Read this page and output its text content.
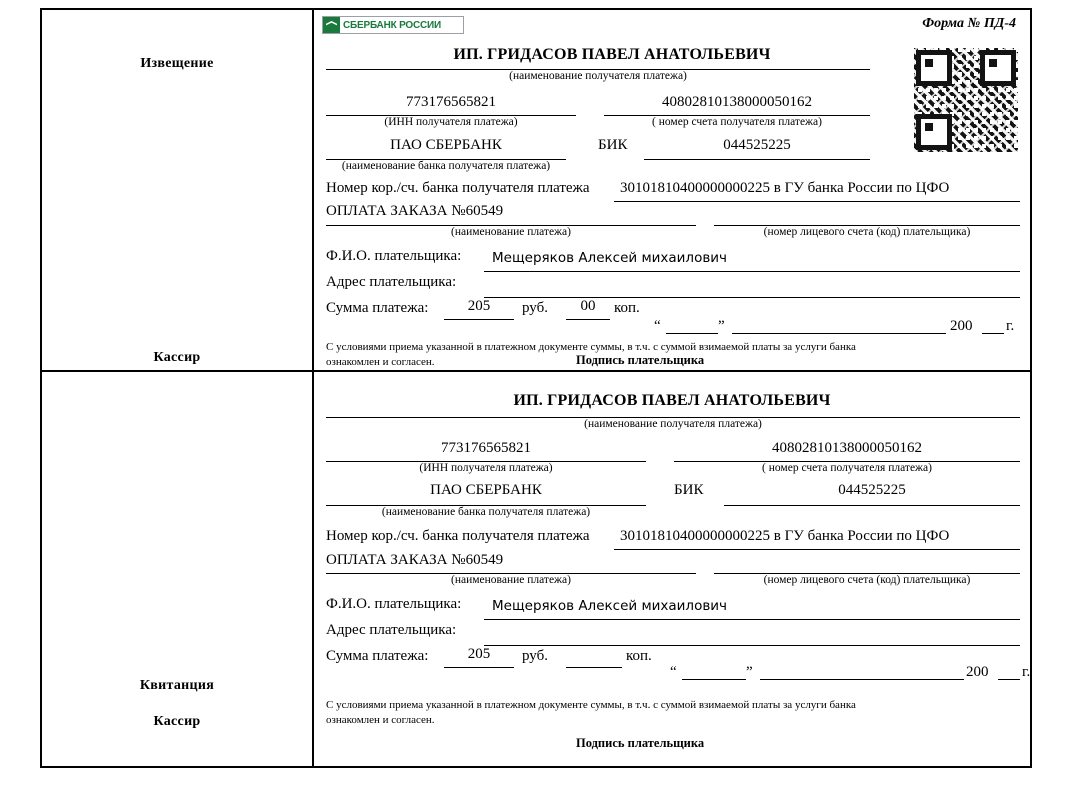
Извещение
Кассир
СБЕРБАНК РОССИИ	Форма № ПД-4
ИП. ГРИДАСОВ ПАВЕЛ АНАТОЛЬЕВИЧ
(наименование получателя платежа)
773176565821
(ИНН получателя платежа)
40802810138000050162
( номер счета получателя платежа)
ПАО СБЕРБАНК
(наименование банка получателя платежа)
БИК	044525225
Номер кор./сч. банка получателя платежа 30101810400000000225 в ГУ банка России по ЦФО
ОПЛАТА ЗАКАЗА №60549
(наименование платежа)	(номер лицевого счета (код) плательщика)
Ф.И.О. плательщика: Мещеряков Алексей михаилович
Адрес плательщика:
Сумма платежа:	205	руб.	00	коп.
“	”	200 г.
С условиями приема указанной в платежном документе суммы, в т.ч. с суммой взимаемой платы за услуги банка
ознакомлен и согласен.	Подпись плательщика
Квитанция
Кассир
ИП. ГРИДАСОВ ПАВЕЛ АНАТОЛЬЕВИЧ
(наименование получателя платежа)
773176565821
(ИНН получателя платежа)
40802810138000050162
( номер счета получателя платежа)
ПАО СБЕРБАНК
(наименование банка получателя платежа)
БИК	044525225
Номер кор./сч. банка получателя платежа 30101810400000000225 в ГУ банка России по ЦФО
ОПЛАТА ЗАКАЗА №60549
(наименование платежа)	(номер лицевого счета (код) плательщика)
Ф.И.О. плательщика: Мещеряков Алексей михаилович
Адрес плательщика:
Сумма платежа:	205	руб.	коп.
“	”	200 г.
С условиями приема указанной в платежном документе суммы, в т.ч. с суммой взимаемой платы за услуги банка
ознакомлен и согласен.
Подпись плательщика
